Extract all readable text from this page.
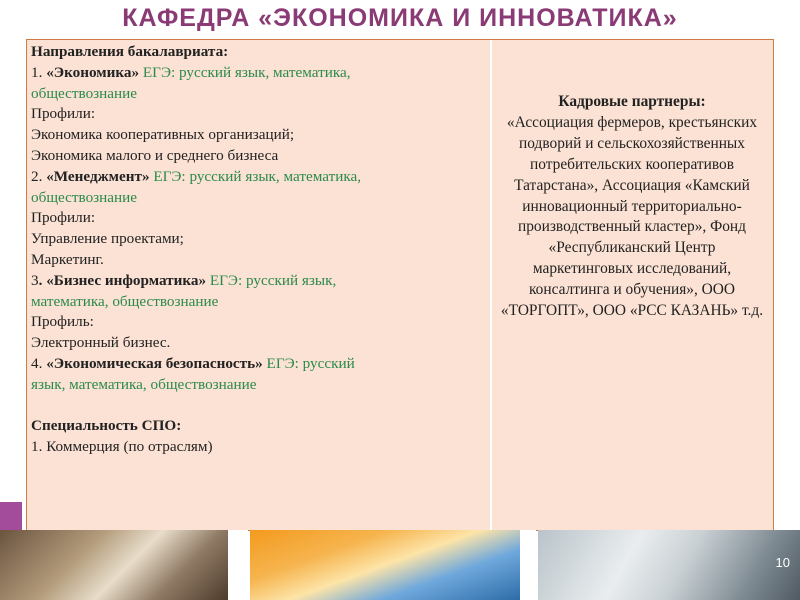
КАФЕДРА «ЭКОНОМИКА И ИННОВАТИКА»
Направления бакалавриата:
1. «Экономика» ЕГЭ: русский язык, математика,
обществознание
Профили:
Экономика кооперативных организаций;
Экономика малого и среднего бизнеса
2. «Менеджмент» ЕГЭ: русский язык, математика,
обществознание
Профили:
Управление проектами;
Маркетинг.
3. «Бизнес информатика» ЕГЭ: русский язык,
математика, обществознание
Профиль:
Электронный бизнес.
4. «Экономическая безопасность» ЕГЭ: русский
язык, математика, обществознание
Специальность СПО:
1. Коммерция (по отраслям)
Кадровые партнеры:
«Ассоциация фермеров, крестьянских подворий и сельскохозяйственных потребительских кооперативов Татарстана», Ассоциация «Камский инновационный территориально-производственный кластер», Фонд «Республиканский Центр маркетинговых исследований, консалтинга и обучения», ООО «ТОРГОПТ», ООО «РСС КАЗАНЬ» т.д.
10
